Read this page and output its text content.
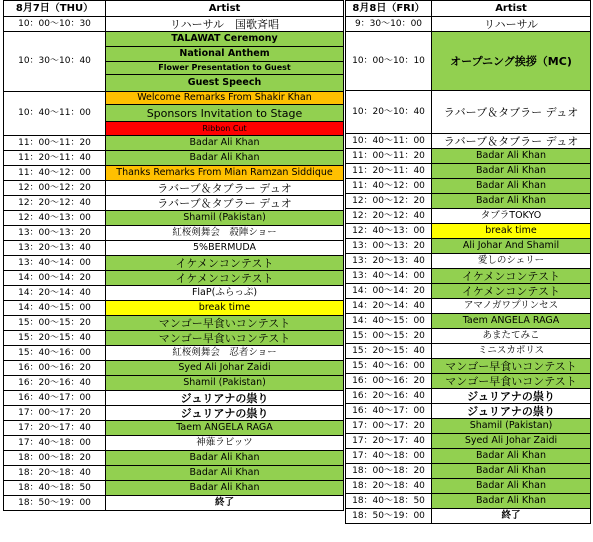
8月7日（THU）	Artist
10：00〜10：30	リハーサル　国歌斉唱
10：30〜10：40	TALAWAT Ceremony
National Anthem
Flower Presentation to Guest
Guest Speech

10：40〜11：00	Welcome Remarks From Shakir Khan
Sponsors Invitation to Stage
Ribbon Cut

11：00〜11：20	Badar Ali Khan
11：20〜11：40	Badar Ali Khan
11：40〜12：00	Thanks Remarks From Mian Ramzan Siddique
12：00〜12：20	ラバーブ＆タブラー デュオ
12：20〜12：40	ラバーブ＆タブラー デュオ
12：40〜13：00	Shamil (Pakistan)
13：00〜13：20	紅桜剣舞会　殺陣ショー
13：20〜13：40	5%BERMUDA
13：40〜14：00	イケメンコンテスト
14：00〜14：20	イケメンコンテスト
14：20〜14：40	FlaP(ふらっぷ)
14：40〜15：00	break time
15：00〜15：20	マンゴー早食いコンテスト
15：20〜15：40	マンゴー早食いコンテスト
15：40〜16：00	紅桜剣舞会　忍者ショー
16：00〜16：20	Syed Ali Johar Zaidi
16：20〜16：40	Shamil (Pakistan)
16：40〜17：00	ジュリアナの祟り
17：00〜17：20	ジュリアナの祟り
17：20〜17：40	Taem ANGELA RAGA
17：40〜18：00	神薙ラビッツ
18：00〜18：20	Badar Ali Khan
18：20〜18：40	Badar Ali Khan
18：40〜18：50	Badar Ali Khan
18：50〜19：00	終了
8月8日（FRI）	Artist
9：30〜10：00	リハーサル
10：00〜10：10	オープニング挨拶（MC)
10：20〜10：40	ラバーブ＆タブラー デュオ
10：40〜11：00	ラバーブ＆タブラー デュオ
11：00〜11：20	Badar Ali Khan
11：20〜11：40	Badar Ali Khan
11：40〜12：00	Badar Ali Khan
12：00〜12：20	Badar Ali Khan
12：20〜12：40	タブラTOKYO
12：40〜13：00	break time
13：00〜13：20	Ali Johar And Shamil
13：20〜13：40	愛しのシェリー
13：40〜14：00	イケメンコンテスト
14：00〜14：20	イケメンコンテスト
14：20〜14：40	アマノガワプリンセス
14：40〜15：00	Taem ANGELA RAGA
15：00〜15：20	あまたてみこ
15：20〜15：40	ミニスカポリス
15：40〜16：00	マンゴー早食いコンテスト
16：00〜16：20	マンゴー早食いコンテスト
16：20〜16：40	ジュリアナの祟り
16：40〜17：00	ジュリアナの祟り
17：00〜17：20	Shamil (Pakistan)
17：20〜17：40	Syed Ali Johar Zaidi
17：40〜18：00	Badar Ali Khan
18：00〜18：20	Badar Ali Khan
18：20〜18：40	Badar Ali Khan
18：40〜18：50	Badar Ali Khan
18：50〜19：00	終了
